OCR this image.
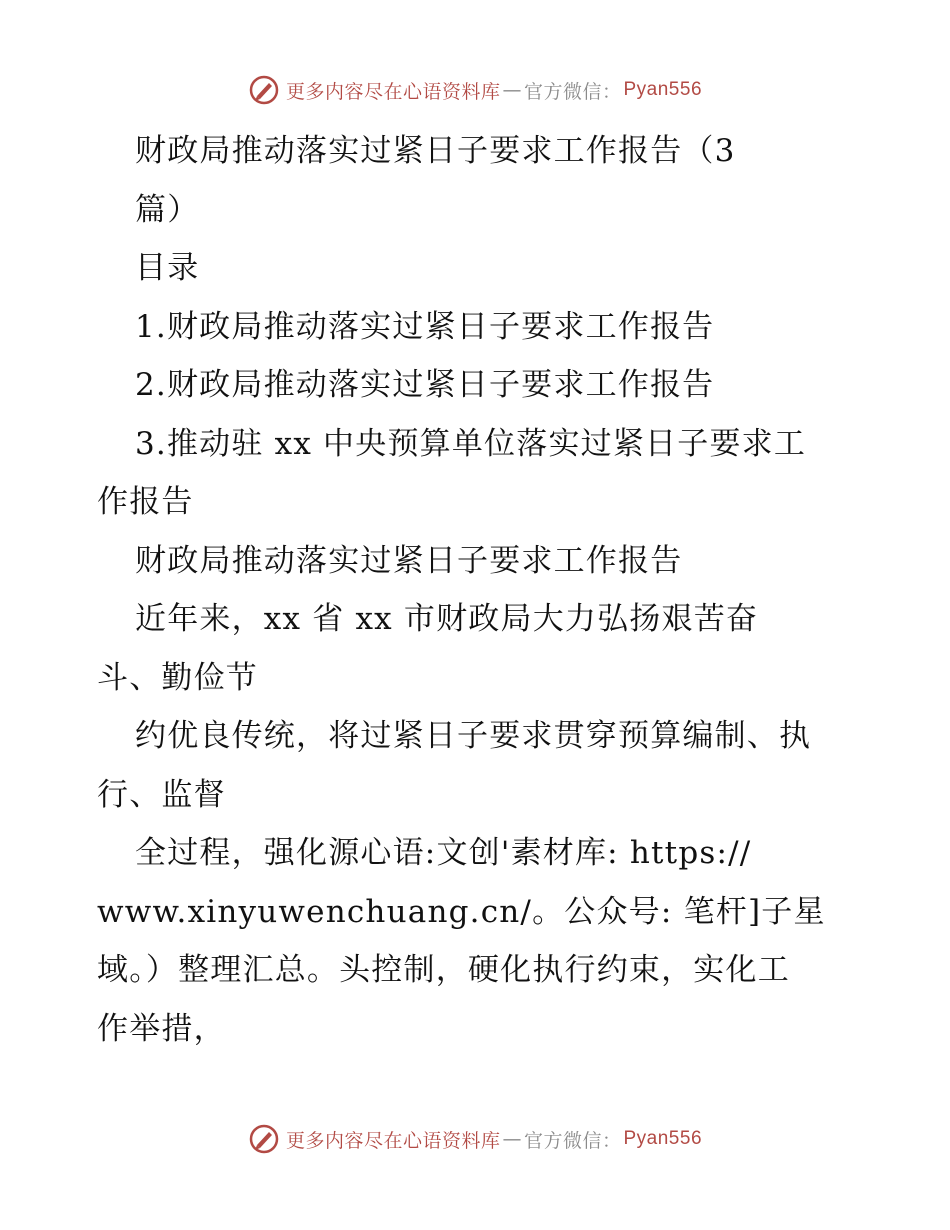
更多内容尽在心语资料库 — 官方微信： Pyan556
财政局推动落实过紧日子要求工作报告（3
篇）
目录
1.财政局推动落实过紧日子要求工作报告
2.财政局推动落实过紧日子要求工作报告
3.推动驻 xx 中央预算单位落实过紧日子要求工
作报告
财政局推动落实过紧日子要求工作报告
近年来，xx 省 xx 市财政局大力弘扬艰苦奋
斗、勤俭节
约优良传统，将过紧日子要求贯穿预算编制、执
行、监督
全过程，强化源心语:文创'素材库: https://
www.xinyuwenchuang.cn/。公众号: 笔杆]子星
域。）整理汇总。头控制，硬化执行约束，实化工
作举措，
更多内容尽在心语资料库 — 官方微信： Pyan556
